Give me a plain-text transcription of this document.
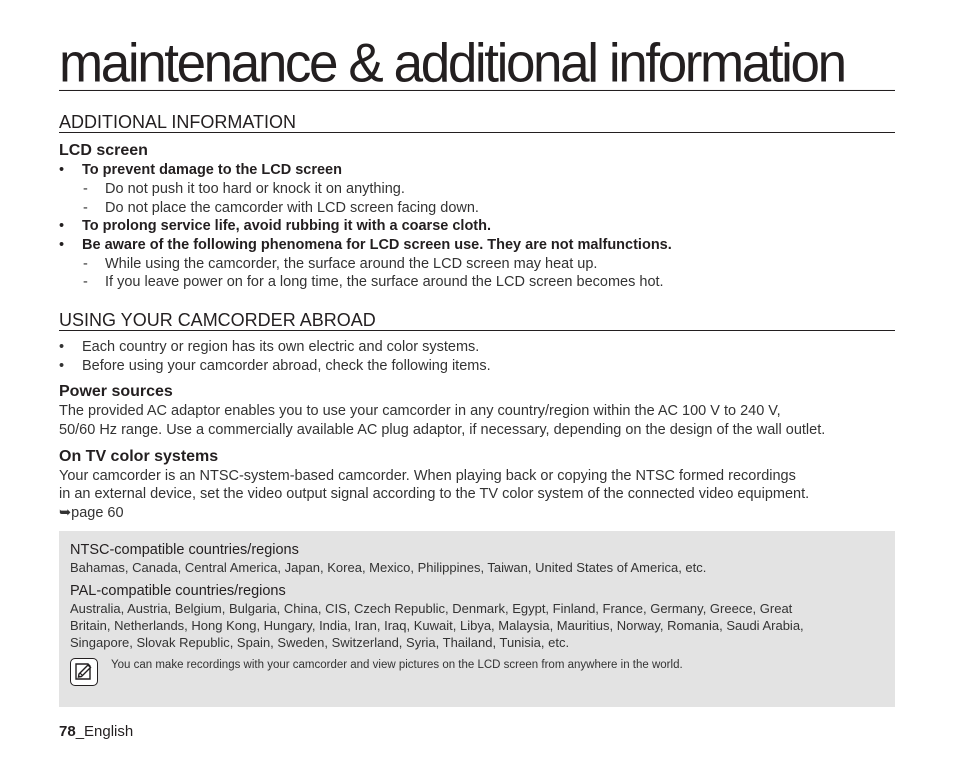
maintenance & additional information
ADDITIONAL INFORMATION
LCD screen
•	To prevent damage to the LCD screen
- Do not push it too hard or knock it on anything.
- Do not place the camcorder with LCD screen facing down.
•	To prolong service life, avoid rubbing it with a coarse cloth.
•	Be aware of the following phenomena for LCD screen use. They are not malfunctions.
- While using the camcorder, the surface around the LCD screen may heat up.
- If you leave power on for a long time, the surface around the LCD screen becomes hot.
USING YOUR CAMCORDER ABROAD
•	Each country or region has its own electric and color systems.
•	Before using your camcorder abroad, check the following items.
Power sources
The provided AC adaptor enables you to use your camcorder in any country/region within the AC 100 V to 240 V,
50/60 Hz range. Use a commercially available AC plug adaptor, if necessary, depending on the design of the wall outlet.
On TV color systems
Your camcorder is an NTSC-system-based camcorder. When playing back or copying the NTSC formed recordings
in an external device, set the video output signal according to the TV color system of the connected video equipment.
➥page 60
NTSC-compatible countries/regions
Bahamas, Canada, Central America, Japan, Korea, Mexico, Philippines, Taiwan, United States of America, etc.
PAL-compatible countries/regions
Australia, Austria, Belgium, Bulgaria, China, CIS, Czech Republic, Denmark, Egypt, Finland, France, Germany, Greece, Great
Britain, Netherlands, Hong Kong, Hungary, India, Iran, Iraq, Kuwait, Libya, Malaysia, Mauritius, Norway, Romania, Saudi Arabia,
Singapore, Slovak Republic, Spain, Sweden, Switzerland, Syria, Thailand, Tunisia, etc.
You can make recordings with your camcorder and view pictures on the LCD screen from anywhere in the world.
78_English
